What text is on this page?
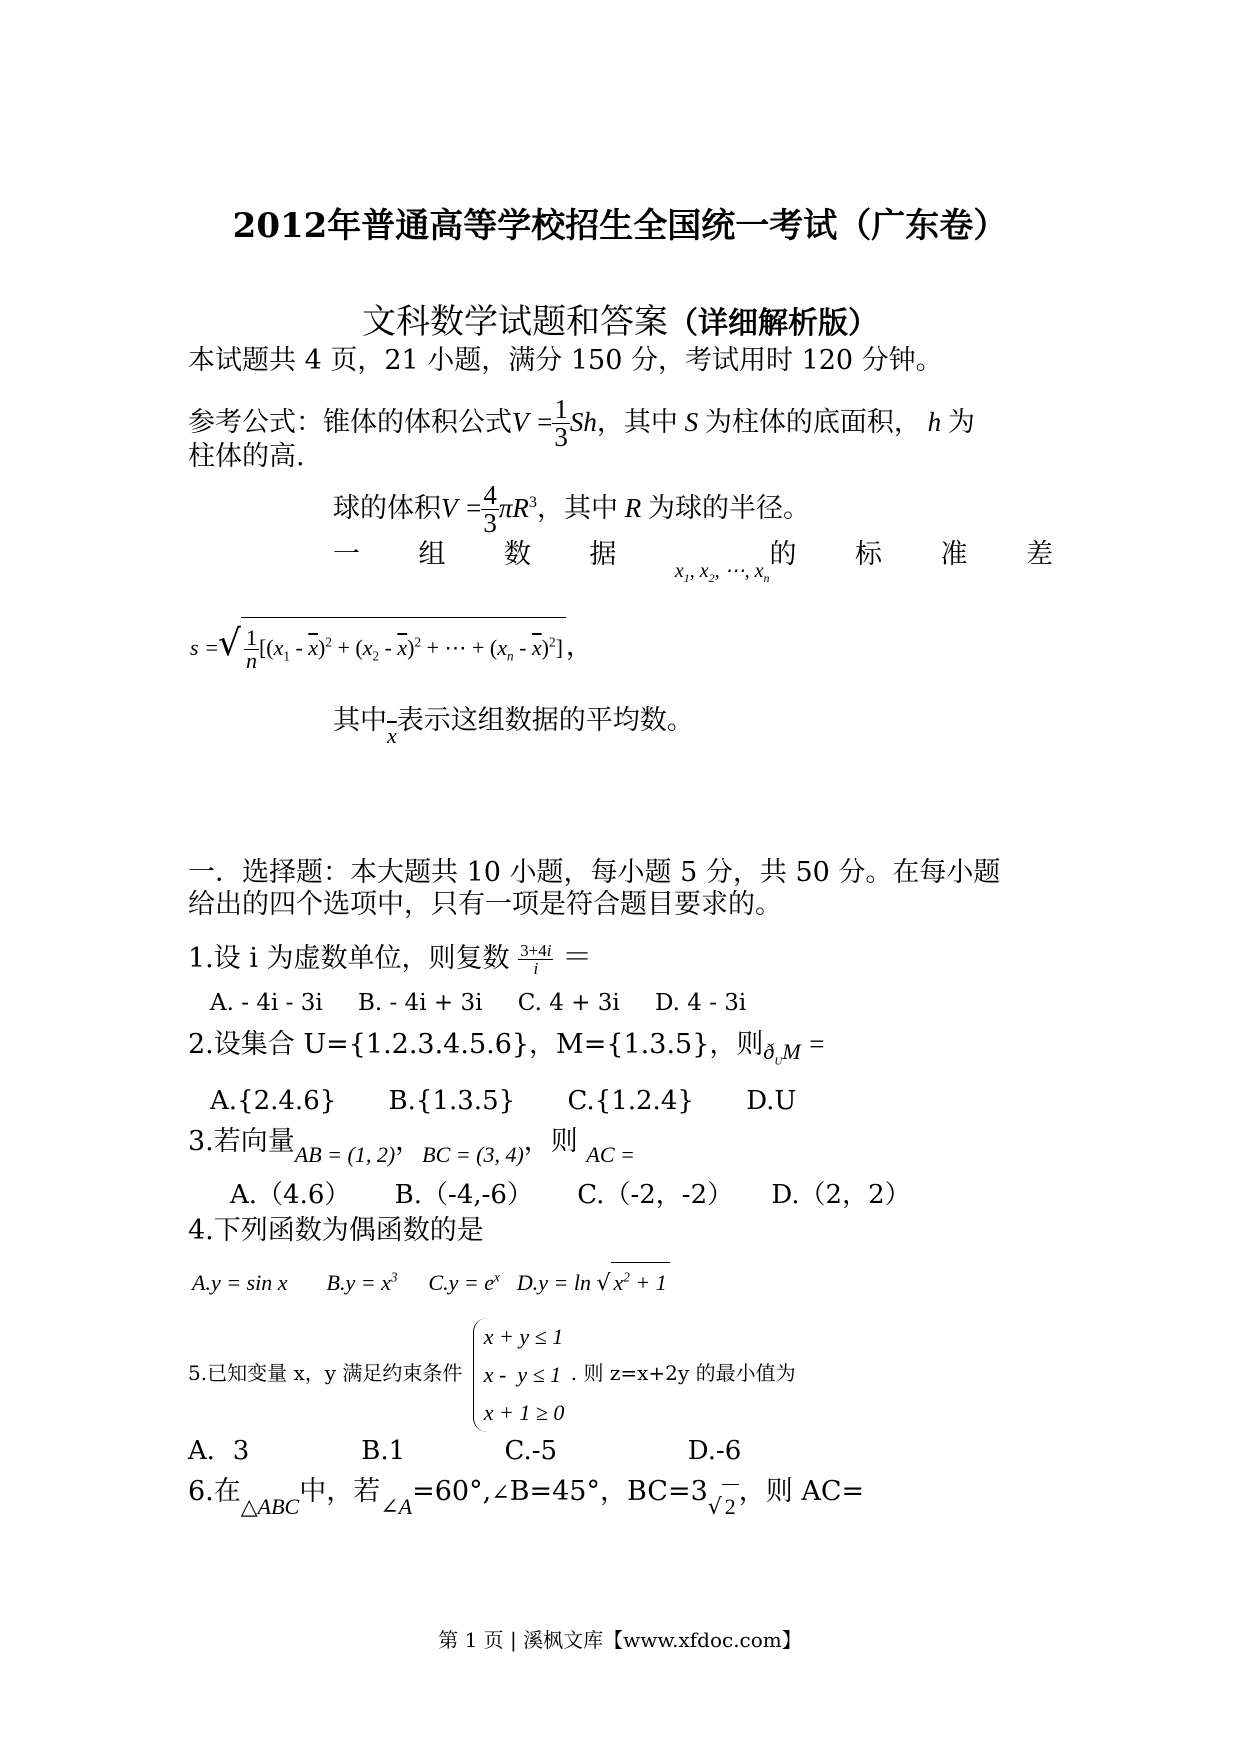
2012年普通高等学校招生全国统一考试（广东卷）
文科数学试题和答案（详细解析版）
本试题共 4 页，21 小题，满分 150 分，考试用时 120 分钟。
参考公式：锥体的体积公式$V = \frac{1}{3}$ Sh，其中 S 为柱体的底面积， h 为
柱体的高.
球的体积$V = \frac{4}{3} \pi R^3$，其中 R 为球的半径。
一 组 数 据
$_{x_1, x_2, \cdots, x_n}$的 标 准 差
s =√ $\frac{1}{n} [(x_1 - \overline{x})^2 + (x_2 - \overline{x})^2$ + ⋯ + $(x_n - \overline{x})^2$] ，
其中$_{\overline{x}}$表示这组数据的平均数。
一．选择题：本大题共 10 小题，每小题 5 分，共 50 分。在每小题
给出的四个选项中，只有一项是符合题目要求的。
1.设 i 为虚数单位，则复数 $\frac{3+4i}{i}$ ＝
A. - 4i - 3i B. - 4i + 3i C. 4 + 3i D. 4 - 3i
2.设集合 U={1.2.3.4.5.6}，M={1.3.5}，则$_{ð_UM}$ =
A.{2.4.6} B.{1.3.5} C.{1.2.4} D.U
3.若向量$_{AB = (1, 2)}$，$_{BC = (3, 4)}$，则 $_{AC =}$
A.（4.6） B.（-4,-6） C.（-2，-2） D.（2，2）
4.下列函数为偶函数的是
A.y = sin x $B.y = x^3$ $C.y = e^x$ D.y = ln √ $x^2 + 1$
5.已知变量 x，y 满足约束条件
x + y ≤ 1
x -  y ≤ 1
x + 1 ≥ 0
. 则 z=x+2y 的最小值为
A．3	B.1	C.-5	D.-6
6.在$_{\triangle ABC}$中，若$_{\angle A}$=60°,∠B=45°，$BC=3_√$ 2 ，则 AC=
第 1 页 | 溪枫文库【www.xfdoc.com】
